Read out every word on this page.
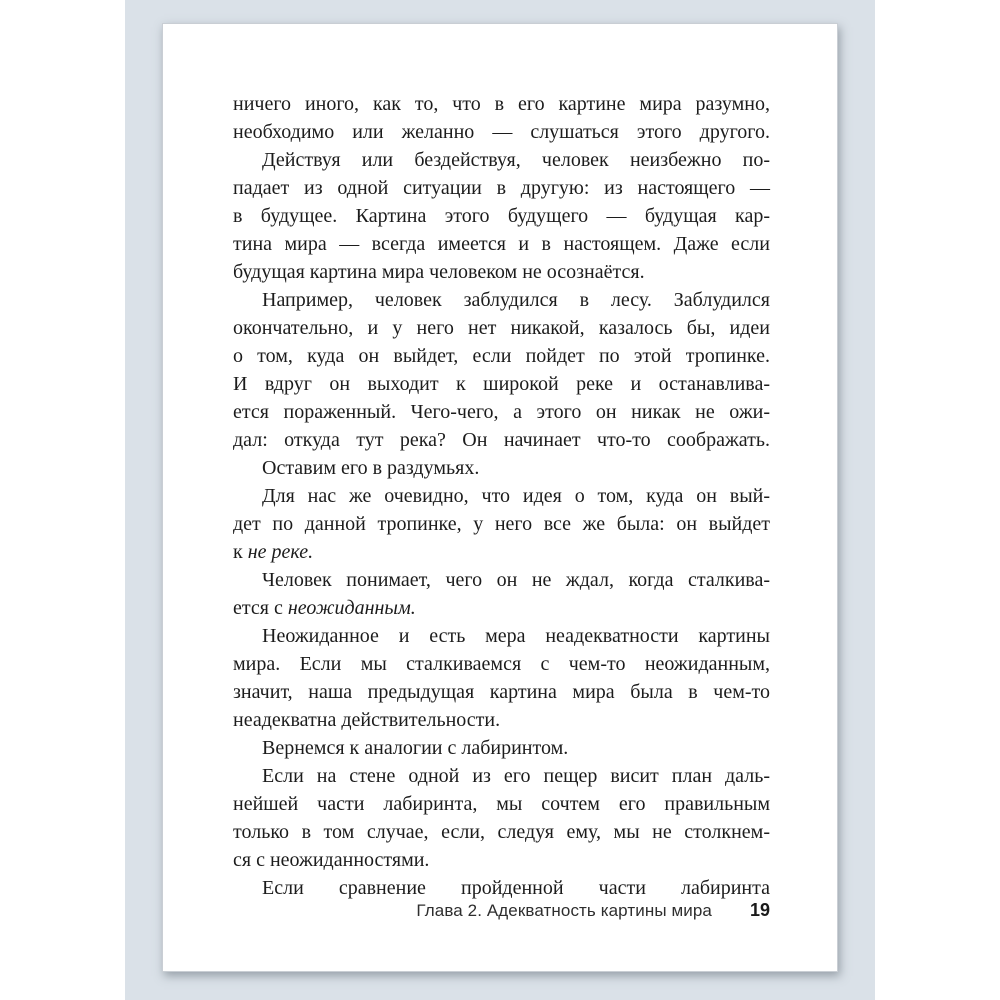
ничего иного, как то, что в его картине мира разумно,
необходимо или желанно — слушаться этого другого.
Действуя или бездействуя, человек неизбежно по-
падает из одной ситуации в другую: из настоящего —
в будущее. Картина этого будущего — будущая кар-
тина мира — всегда имеется и в настоящем. Даже если
будущая картина мира человеком не осознаётся.
Например, человек заблудился в лесу. Заблудился
окончательно, и у него нет никакой, казалось бы, идеи
о том, куда он выйдет, если пойдет по этой тропинке.
И вдруг он выходит к широкой реке и останавлива-
ется пораженный. Чего-чего, а этого он никак не ожи-
дал: откуда тут река? Он начинает что-то соображать.
Оставим его в раздумьях.
Для нас же очевидно, что идея о том, куда он вый-
дет по данной тропинке, у него все же была: он выйдет
к не реке.
Человек понимает, чего он не ждал, когда сталкива-
ется с неожиданным.
Неожиданное и есть мера неадекватности картины
мира. Если мы сталкиваемся с чем-то неожиданным,
значит, наша предыдущая картина мира была в чем-то
неадекватна действительности.
Вернемся к аналогии с лабиринтом.
Если на стене одной из его пещер висит план даль-
нейшей части лабиринта, мы сочтем его правильным
только в том случае, если, следуя ему, мы не столкнем-
ся с неожиданностями.
Если сравнение пройденной части лабиринта
Глава 2. Адекватность картины мира 19
